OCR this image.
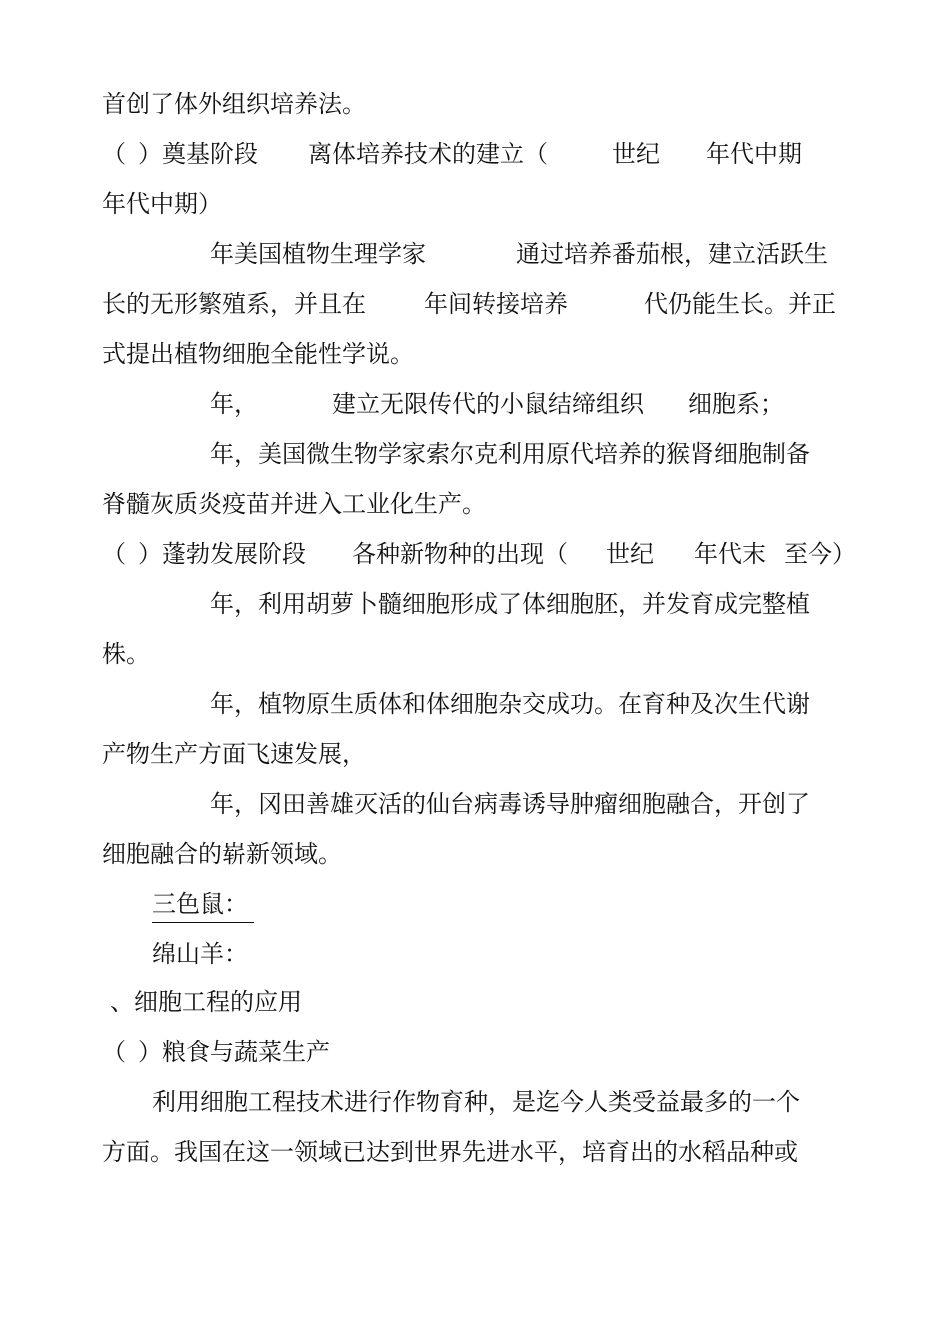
首创了体外组织培养法。

（

）奠基阶段

离体培养技术的建立（

	世纪

年代中期

年代中期）

年美国植物生理学家

	通过培养番茄根，建立活跃生

长的无形繁殖系，并且在

年间转接培养

	代仍能生长。并正

式提出植物细胞全能性学说。

年，

	建立无限传代的小鼠结缔组织

细胞系；

年，美国微生物学家索尔克利用原代培养的猴肾细胞制备

脊髓灰质炎疫苗并进入工业化生产。

（

）蓬勃发展阶段

各种新物种的出现（

世纪

年代末

至今）

年，利用胡萝卜髓细胞形成了体细胞胚，并发育成完整植

株。

年，植物原生质体和体细胞杂交成功。在育种及次生代谢

产物生产方面飞速发展，

年，冈田善雄灭活的仙台病毒诱导肿瘤细胞融合，开创了

细胞融合的崭新领域。

三色鼠：

绵山羊：

、细胞工程的应用

（

）粮食与蔬菜生产

利用细胞工程技术进行作物育种，是迄今人类受益最多的一个

方面。我国在这一领域已达到世界先进水平，培育出的水稻品种或
